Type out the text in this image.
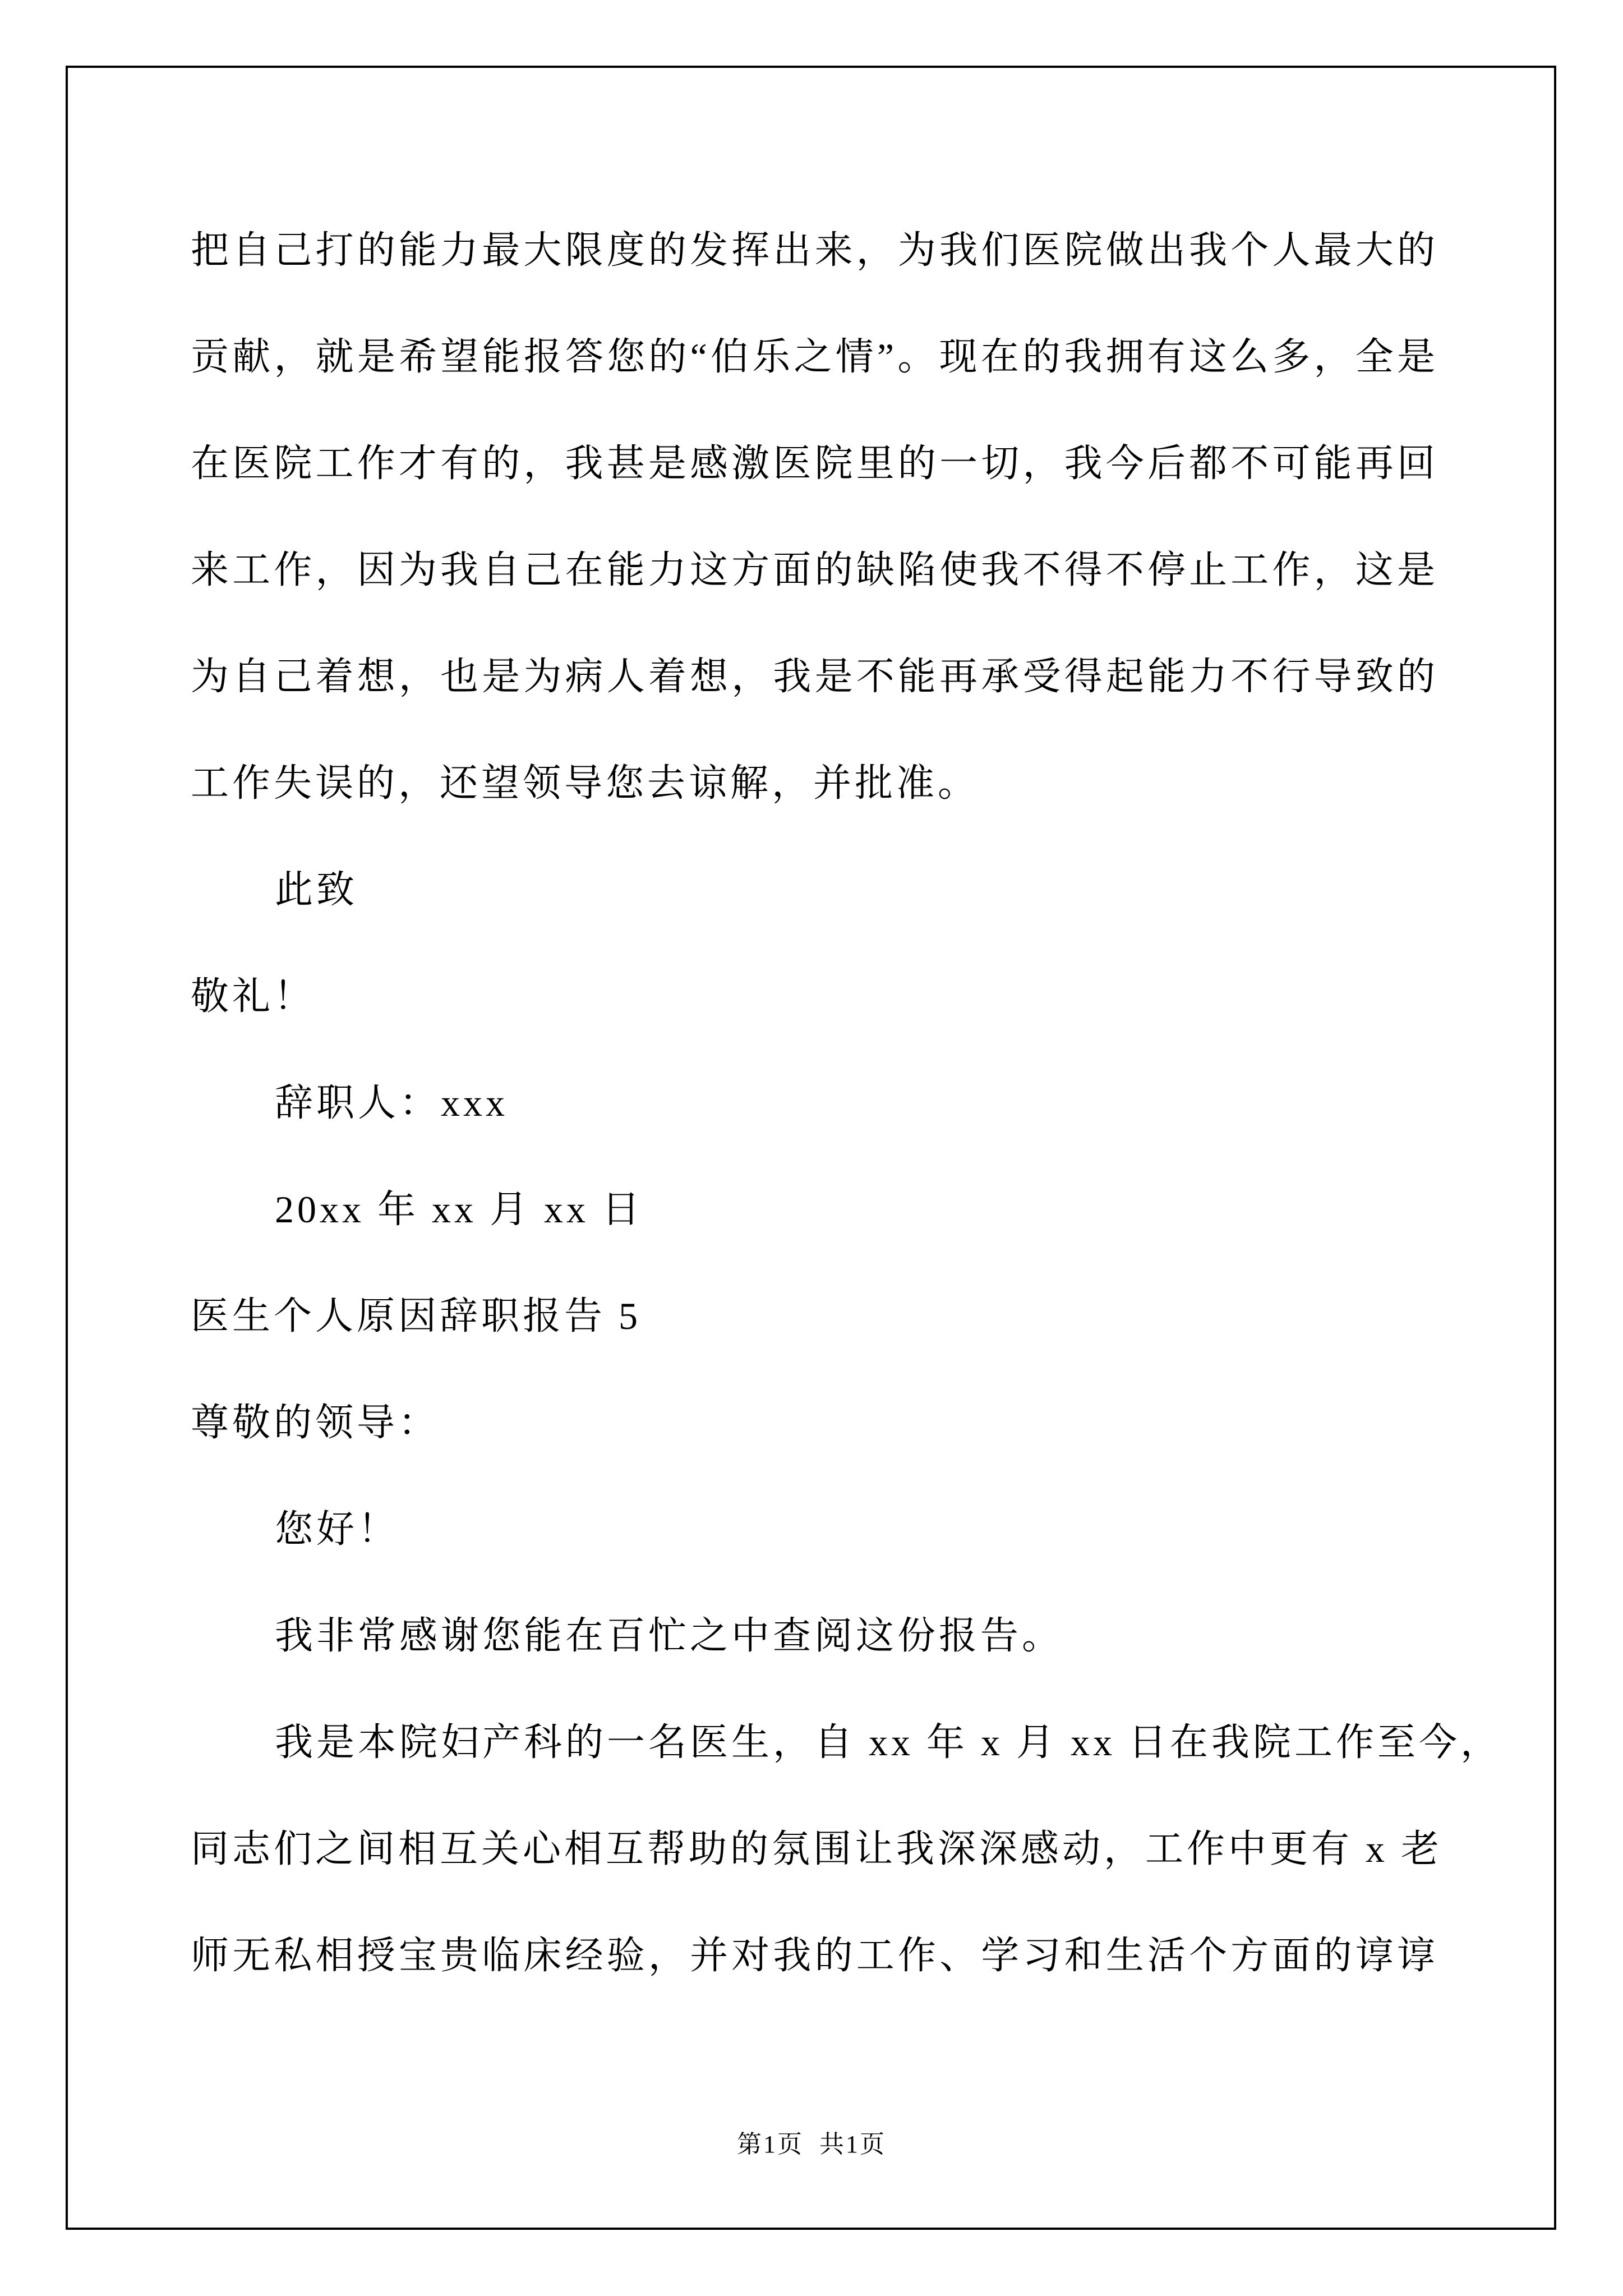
把自己打的能力最大限度的发挥出来，为我们医院做出我个人最大的
贡献，就是希望能报答您的“伯乐之情”。现在的我拥有这么多，全是
在医院工作才有的，我甚是感激医院里的一切，我今后都不可能再回
来工作，因为我自己在能力这方面的缺陷使我不得不停止工作，这是
为自己着想，也是为病人着想，我是不能再承受得起能力不行导致的
工作失误的，还望领导您去谅解，并批准。
此致
敬礼！
辞职人：xxx
20xx 年 xx 月 xx 日
医生个人原因辞职报告 5
尊敬的领导：
您好！
我非常感谢您能在百忙之中查阅这份报告。
我是本院妇产科的一名医生，自 xx 年 x 月 xx 日在我院工作至今，
同志们之间相互关心相互帮助的氛围让我深深感动，工作中更有 x 老
师无私相授宝贵临床经验，并对我的工作、学习和生活个方面的谆谆
第1页  共1页
